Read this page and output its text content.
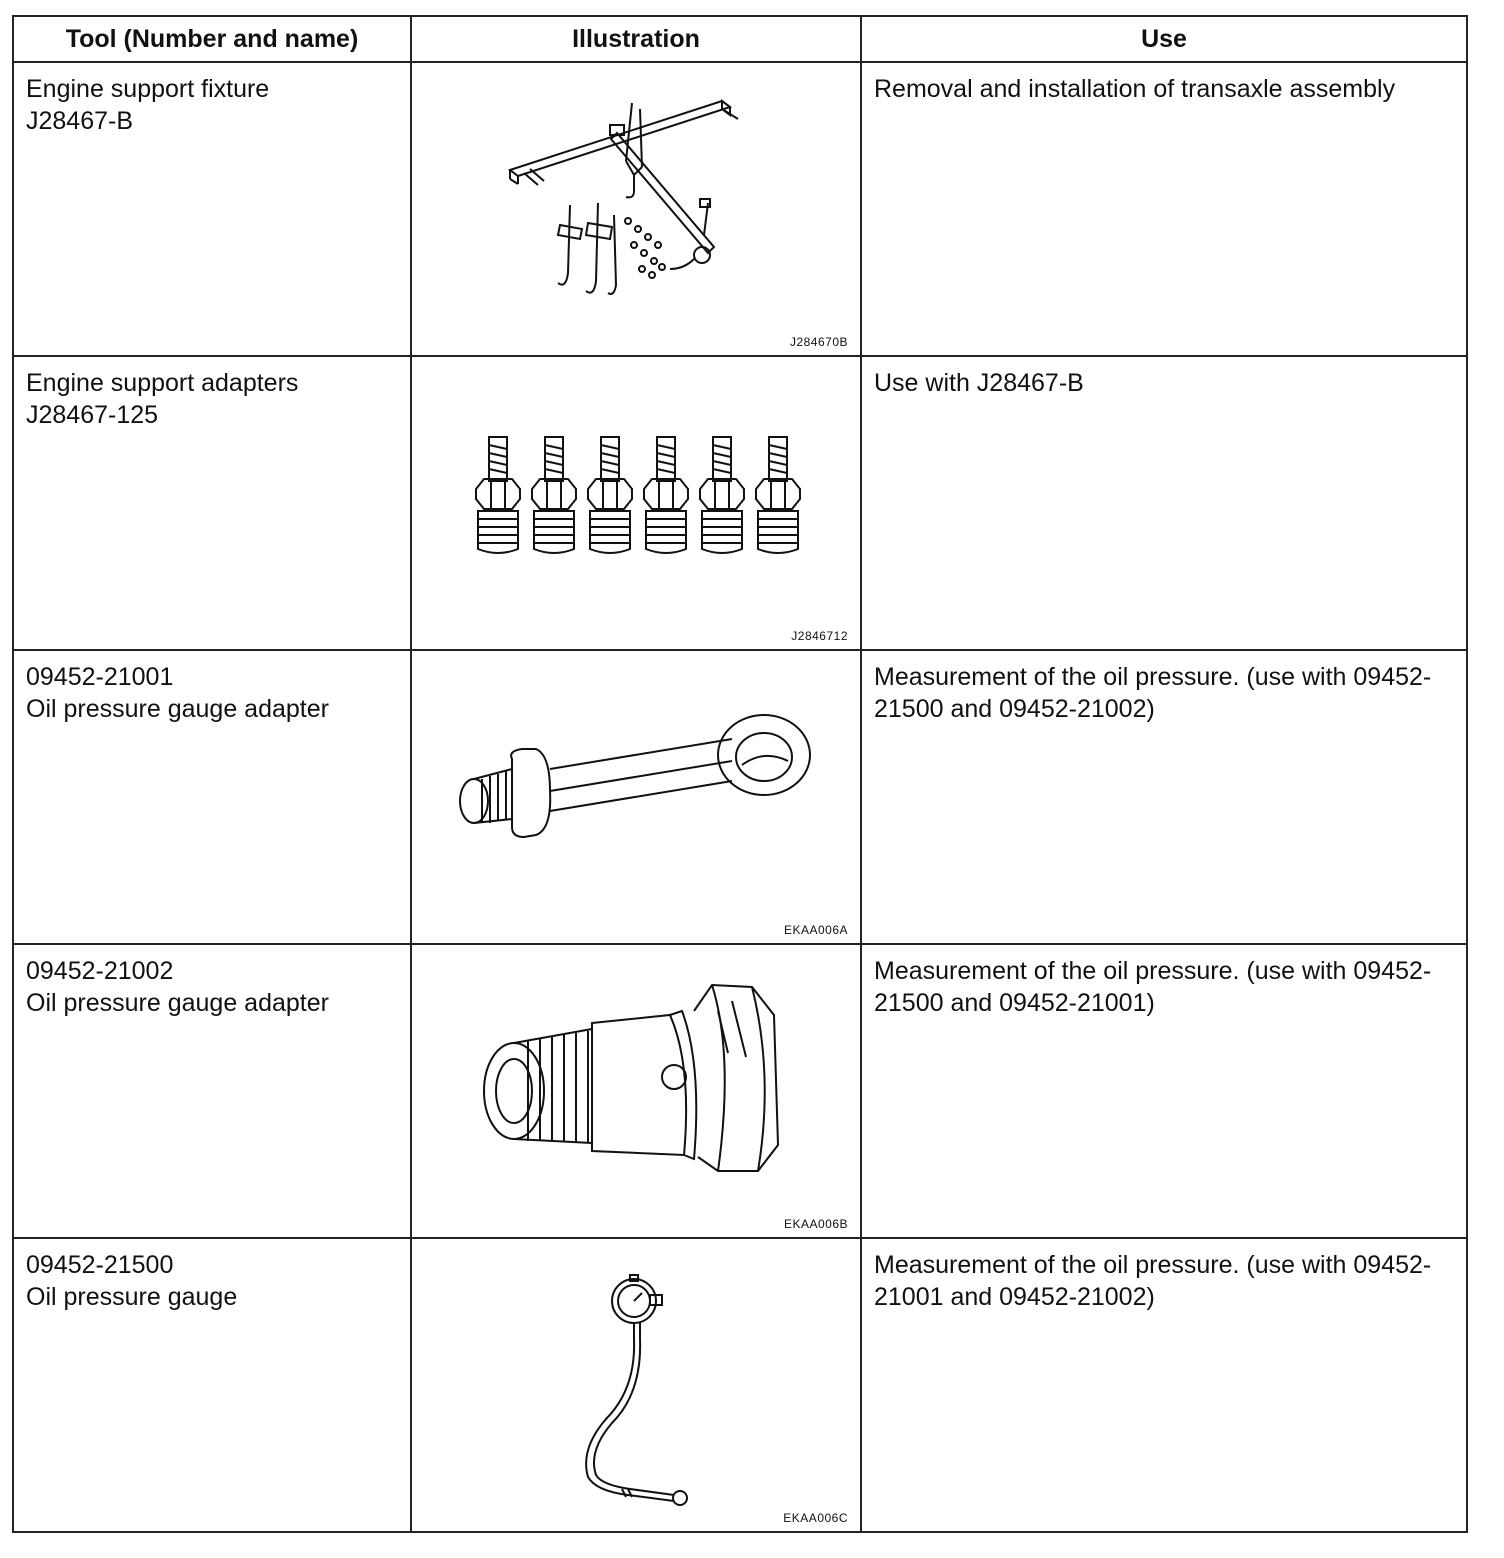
Tool (Number and name)	Illustration	Use

Engine support fixture
J28467-B	J284670B	Removal and installation of transaxle assembly

Engine support adapters
J28467-125	J2846712	Use with J28467-B

09452-21001
Oil pressure gauge adapter	EKAA006A	Measurement of the oil pressure. (use with 09452-21500 and 09452-21002)

09452-21002
Oil pressure gauge adapter	EKAA006B	Measurement of the oil pressure. (use with 09452-21500 and 09452-21001)

09452-21500
Oil pressure gauge	EKAA006C	Measurement of the oil pressure. (use with 09452-21001 and 09452-21002)
